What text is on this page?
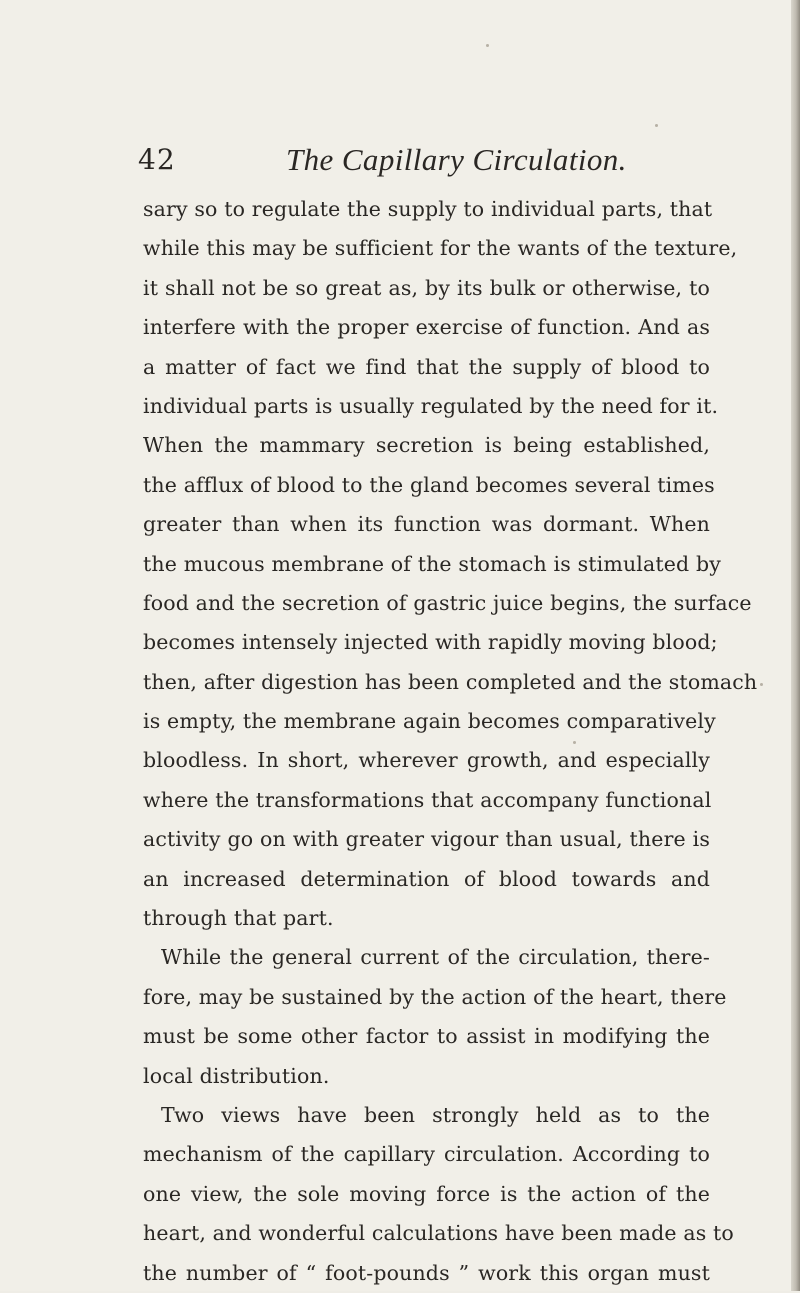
42	The Capillary Circulation.
sary so to regulate the supply to individual parts, that
while this may be sufficient for the wants of the texture,
it shall not be so great as, by its bulk or otherwise, to
interfere with the proper exercise of function. And as
a matter of fact we find that the supply of blood to
individual parts is usually regulated by the need for it.
When the mammary secretion is being established,
the afflux of blood to the gland becomes several times
greater than when its function was dormant. When
the mucous membrane of the stomach is stimulated by
food and the secretion of gastric juice begins, the surface
becomes intensely injected with rapidly moving blood;
then, after digestion has been completed and the stomach
is empty, the membrane again becomes comparatively
bloodless. In short, wherever growth, and especially
where the transformations that accompany functional
activity go on with greater vigour than usual, there is
an increased determination of blood towards and
through that part.
While the general current of the circulation, there-
fore, may be sustained by the action of the heart, there
must be some other factor to assist in modifying the
local distribution.
Two views have been strongly held as to the
mechanism of the capillary circulation. According to
one view, the sole moving force is the action of the
heart, and wonderful calculations have been made as to
the number of “ foot-pounds ” work this organ must
